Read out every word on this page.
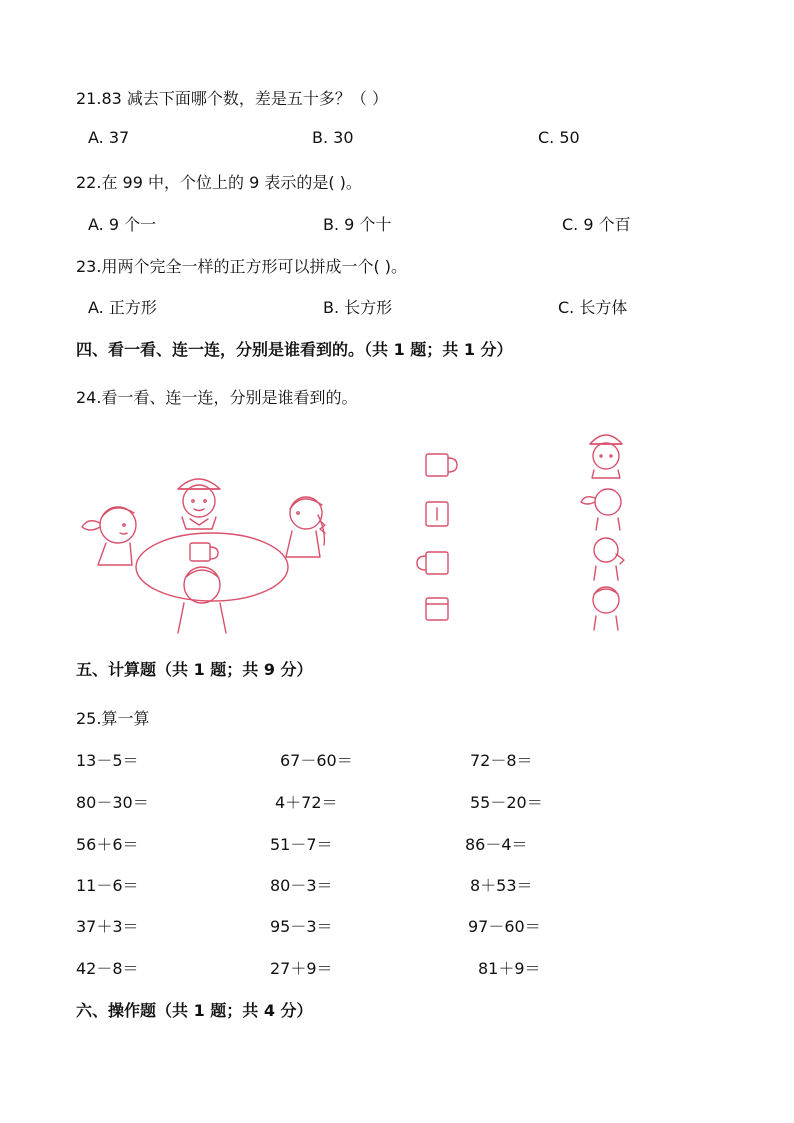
21.83 减去下面哪个数，差是五十多？（ ）
A. 37	B. 30	C. 50
22.在 99 中，个位上的 9 表示的是( )。
A. 9 个一	B. 9 个十	C. 9 个百
23.用两个完全一样的正方形可以拼成一个( )。
A. 正方形	B. 长方形	C. 长方体
四、看一看、连一连，分别是谁看到的。（共 1 题；共 1 分）
24.看一看、连一连，分别是谁看到的。
五、计算题（共 1 题；共 9 分）
25.算一算
13－5＝	67－60＝	72－8＝
80－30＝	4＋72＝	55－20＝
56＋6＝	51－7＝	86－4＝
11－6＝	80－3＝	8＋53＝
37＋3＝	95－3＝	97－60＝
42－8＝	27＋9＝	81＋9＝
六、操作题（共 1 题；共 4 分）
